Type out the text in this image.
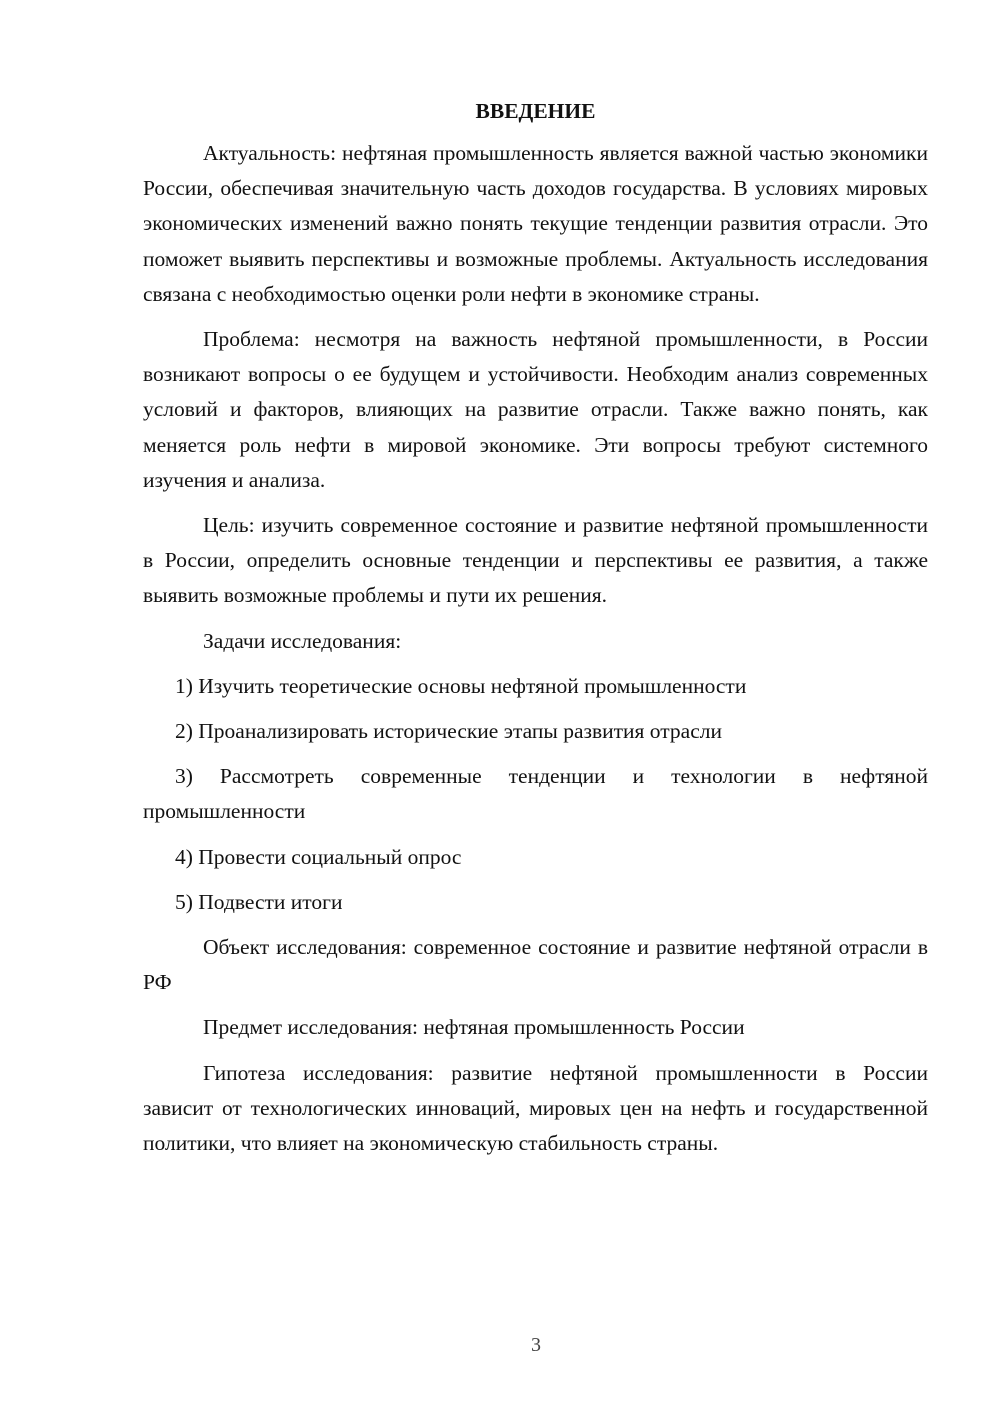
ВВЕДЕНИЕ

Актуальность: нефтяная промышленность является важной частью экономики России, обеспечивая значительную часть доходов государства. В условиях мировых экономических изменений важно понять текущие тенденции развития отрасли. Это поможет выявить перспективы и возможные проблемы. Актуальность исследования связана с необходимостью оценки роли нефти в экономике страны.

Проблема: несмотря на важность нефтяной промышленности, в России возникают вопросы о ее будущем и устойчивости. Необходим анализ современных условий и факторов, влияющих на развитие отрасли. Также важно понять, как меняется роль нефти в мировой экономике. Эти вопросы требуют системного изучения и анализа.

Цель: изучить современное состояние и развитие нефтяной промышленности в России, определить основные тенденции и перспективы ее развития, а также выявить возможные проблемы и пути их решения.

Задачи исследования:

1) Изучить теоретические основы нефтяной промышленности

2) Проанализировать исторические этапы развития отрасли

3) Рассмотреть современные тенденции и технологии в нефтяной промышленности

4) Провести социальный опрос

5) Подвести итоги

Объект исследования: современное состояние и развитие нефтяной отрасли в РФ

Предмет исследования: нефтяная промышленность России

Гипотеза исследования: развитие нефтяной промышленности в России зависит от технологических инноваций, мировых цен на нефть и государственной политики, что влияет на экономическую стабильность страны.

3
